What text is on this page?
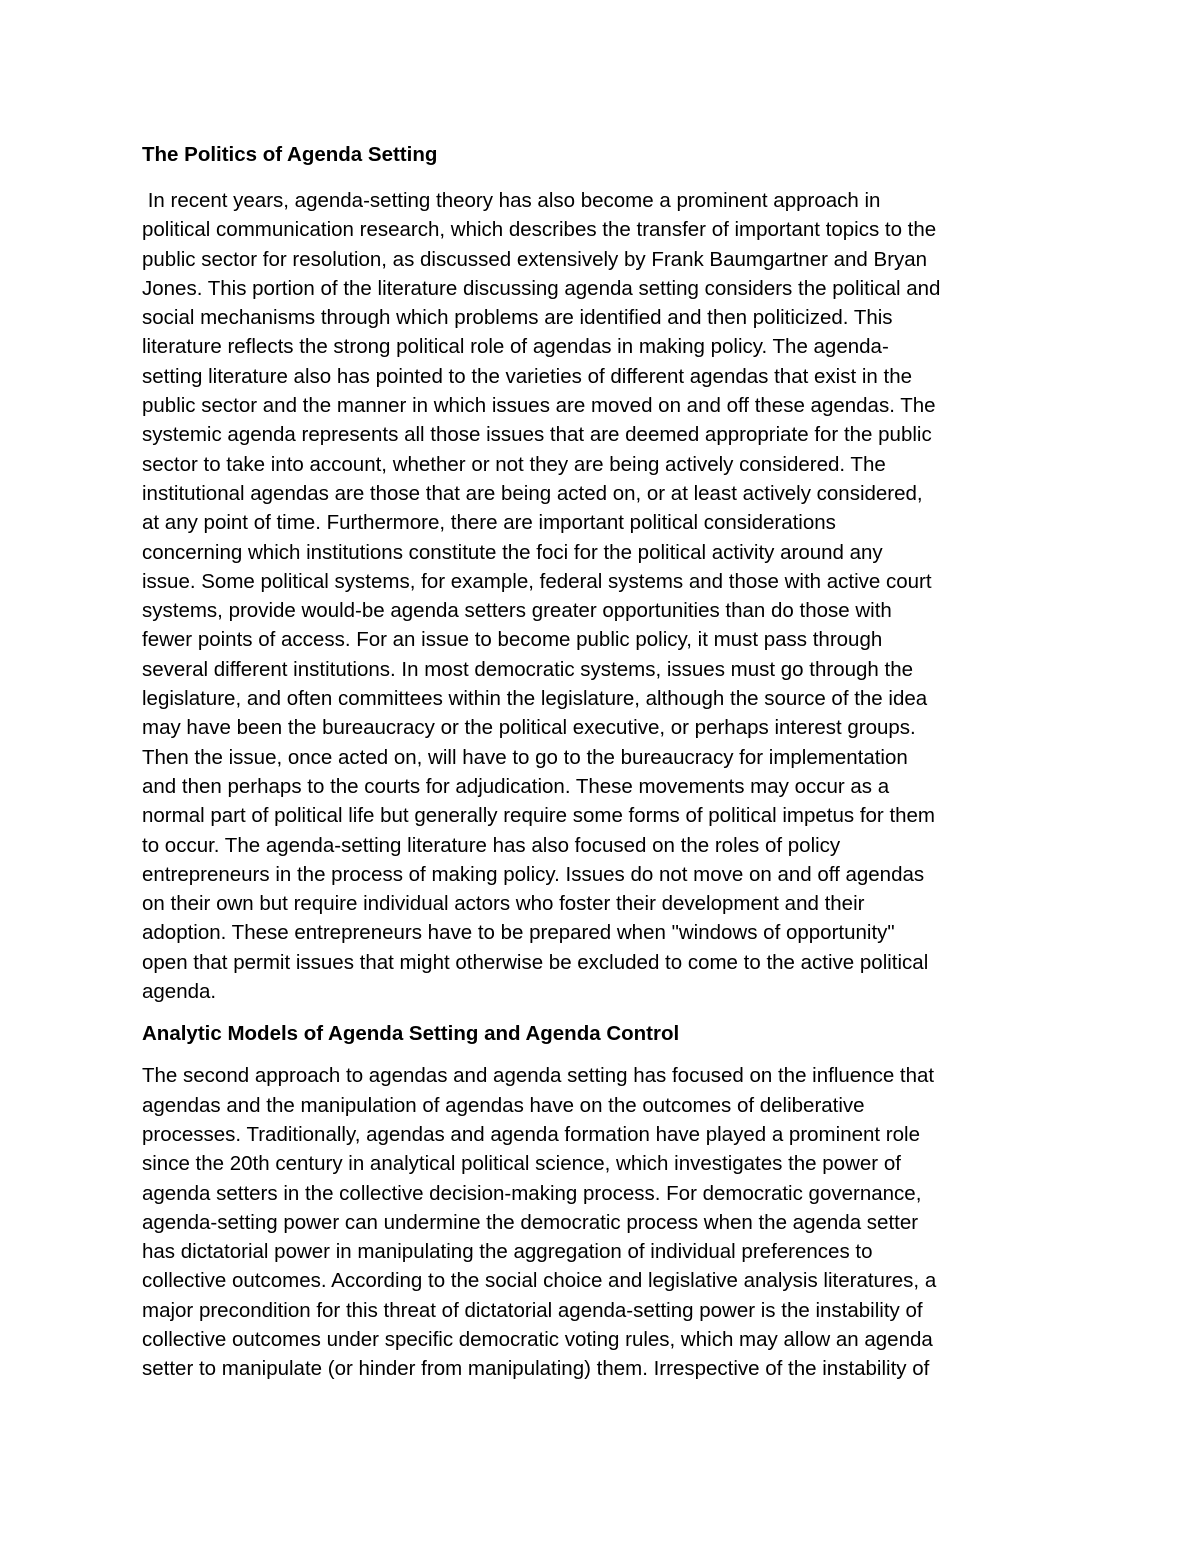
The Politics of Agenda Setting
In recent years, agenda-setting theory has also become a prominent approach in
political communication research, which describes the transfer of important topics to the
public sector for resolution, as discussed extensively by Frank Baumgartner and Bryan
Jones. This portion of the literature discussing agenda setting considers the political and
social mechanisms through which problems are identified and then politicized. This
literature reflects the strong political role of agendas in making policy. The agenda-
setting literature also has pointed to the varieties of different agendas that exist in the
public sector and the manner in which issues are moved on and off these agendas. The
systemic agenda represents all those issues that are deemed appropriate for the public
sector to take into account, whether or not they are being actively considered. The
institutional agendas are those that are being acted on, or at least actively considered,
at any point of time. Furthermore, there are important political considerations
concerning which institutions constitute the foci for the political activity around any
issue. Some political systems, for example, federal systems and those with active court
systems, provide would-be agenda setters greater opportunities than do those with
fewer points of access. For an issue to become public policy, it must pass through
several different institutions. In most democratic systems, issues must go through the
legislature, and often committees within the legislature, although the source of the idea
may have been the bureaucracy or the political executive, or perhaps interest groups.
Then the issue, once acted on, will have to go to the bureaucracy for implementation
and then perhaps to the courts for adjudication. These movements may occur as a
normal part of political life but generally require some forms of political impetus for them
to occur. The agenda-setting literature has also focused on the roles of policy
entrepreneurs in the process of making policy. Issues do not move on and off agendas
on their own but require individual actors who foster their development and their
adoption. These entrepreneurs have to be prepared when "windows of opportunity"
open that permit issues that might otherwise be excluded to come to the active political
agenda.
Analytic Models of Agenda Setting and Agenda Control
The second approach to agendas and agenda setting has focused on the influence that
agendas and the manipulation of agendas have on the outcomes of deliberative
processes. Traditionally, agendas and agenda formation have played a prominent role
since the 20th century in analytical political science, which investigates the power of
agenda setters in the collective decision-making process. For democratic governance,
agenda-setting power can undermine the democratic process when the agenda setter
has dictatorial power in manipulating the aggregation of individual preferences to
collective outcomes. According to the social choice and legislative analysis literatures, a
major precondition for this threat of dictatorial agenda-setting power is the instability of
collective outcomes under specific democratic voting rules, which may allow an agenda
setter to manipulate (or hinder from manipulating) them. Irrespective of the instability of
